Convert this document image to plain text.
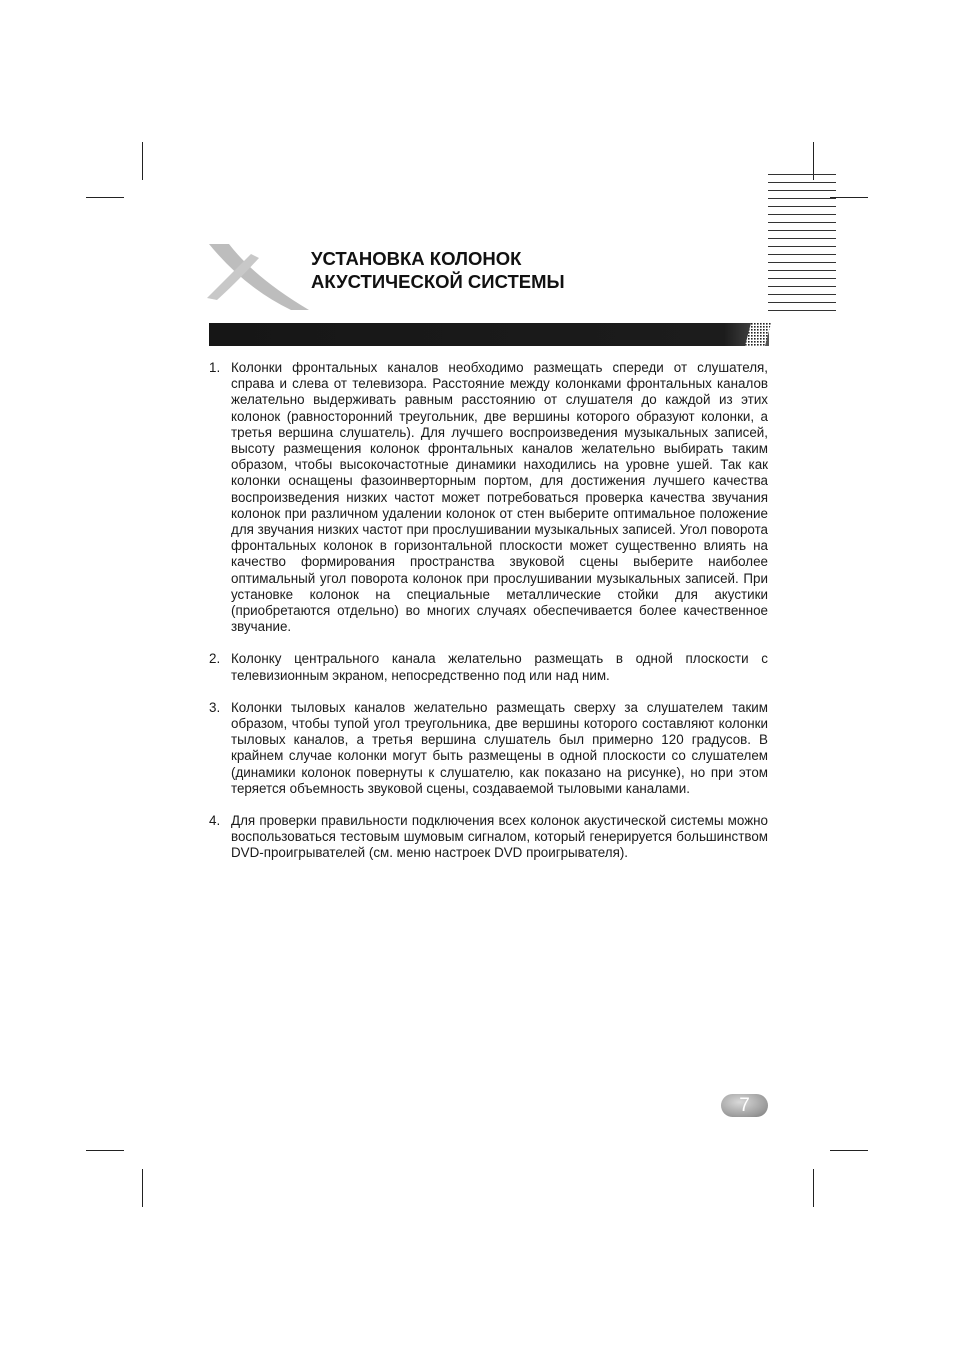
УСТАНОВКА КОЛОНОК
АКУСТИЧЕСКОЙ СИСТЕМЫ
1. Колонки фронтальных каналов необходимо размещать спереди от слушателя, справа и слева от телевизора. Расстояние между колонками фронтальных каналов желательно выдерживать равным расстоянию от слушателя до каждой из этих колонок (равносторонний треугольник, две вершины которого образуют колонки, а третья вершина слушатель). Для лучшего воспроизведения музыкальных записей, высоту размещения колонок фронтальных каналов желательно выбирать таким образом, чтобы высокочастотные динамики находились на уровне ушей. Так как колонки оснащены фазоинверторным портом, для достижения лучшего качества воспроизведения низких частот может потребоваться проверка качества звучания колонок при различном удалении колонок от стен выберите оптимальное положение для звучания низких частот при прослушивании музыкальных записей. Угол поворота фронтальных колонок в горизонтальной плоскости может существенно влиять на качество формирования пространства звуковой сцены выберите наиболее оптимальный угол поворота колонок при прослушивании музыкальных записей. При установке колонок на специальные металлические стойки для акустики (приобретаются отдельно) во многих случаях обеспечивается более качественное звучание.
2. Колонку центрального канала желательно размещать в одной плоскости с телевизионным экраном, непосредственно под или над ним.
3. Колонки тыловых каналов желательно размещать сверху за слушателем таким образом, чтобы тупой угол треугольника, две вершины которого составляют колонки тыловых каналов, а третья вершина слушатель был примерно 120 градусов. В крайнем случае колонки могут быть размещены в одной плоскости со слушателем (динамики колонок повернуты к слушателю, как показано на рисунке), но при этом теряется объемность звуковой сцены, создаваемой тыловыми каналами.
4. Для проверки правильности подключения всех колонок акустической системы можно воспользоваться тестовым шумовым сигналом, который генерируется большинством DVD-проигрывателей (см. меню настроек DVD проигрывателя).
7
